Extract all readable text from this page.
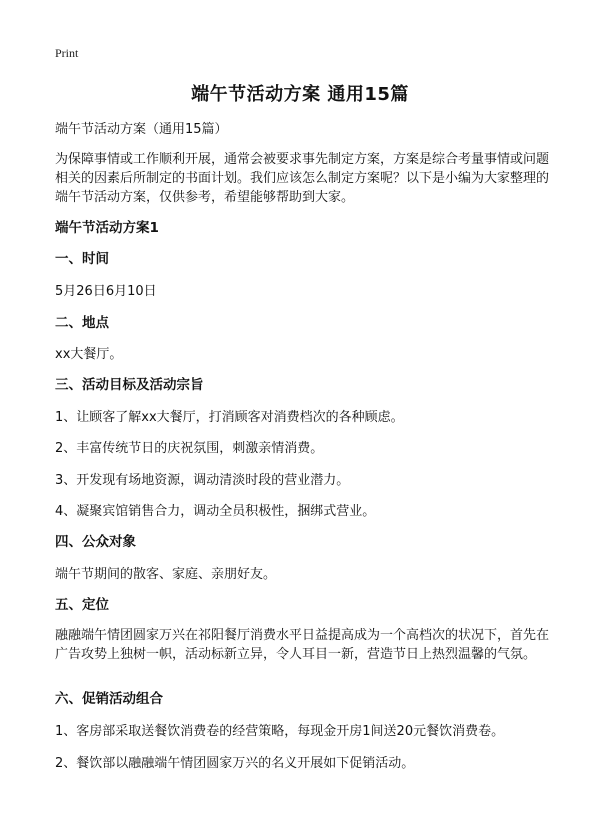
Print
端午节活动方案 通用15篇
端午节活动方案（通用15篇）
为保障事情或工作顺利开展，通常会被要求事先制定方案，方案是综合考量事情或问题相关的因素后所制定的书面计划。我们应该怎么制定方案呢？以下是小编为大家整理的端午节活动方案，仅供参考，希望能够帮助到大家。
端午节活动方案1
一、时间
5月26日6月10日
二、地点
xx大餐厅。
三、活动目标及活动宗旨
1、让顾客了解xx大餐厅，打消顾客对消费档次的各种顾虑。
2、丰富传统节日的庆祝氛围，刺激亲情消费。
3、开发现有场地资源，调动清淡时段的营业潜力。
4、凝聚宾馆销售合力，调动全员积极性，捆绑式营业。
四、公众对象
端午节期间的散客、家庭、亲朋好友。
五、定位
融融端午情团圆家万兴在祁阳餐厅消费水平日益提高成为一个高档次的状况下，首先在广告攻势上独树一帜，活动标新立异，令人耳目一新，营造节日上热烈温馨的气氛。
六、促销活动组合
1、客房部采取送餐饮消费卷的经营策略，每现金开房1间送20元餐饮消费卷。
2、餐饮部以融融端午情团圆家万兴的名义开展如下促销活动。
